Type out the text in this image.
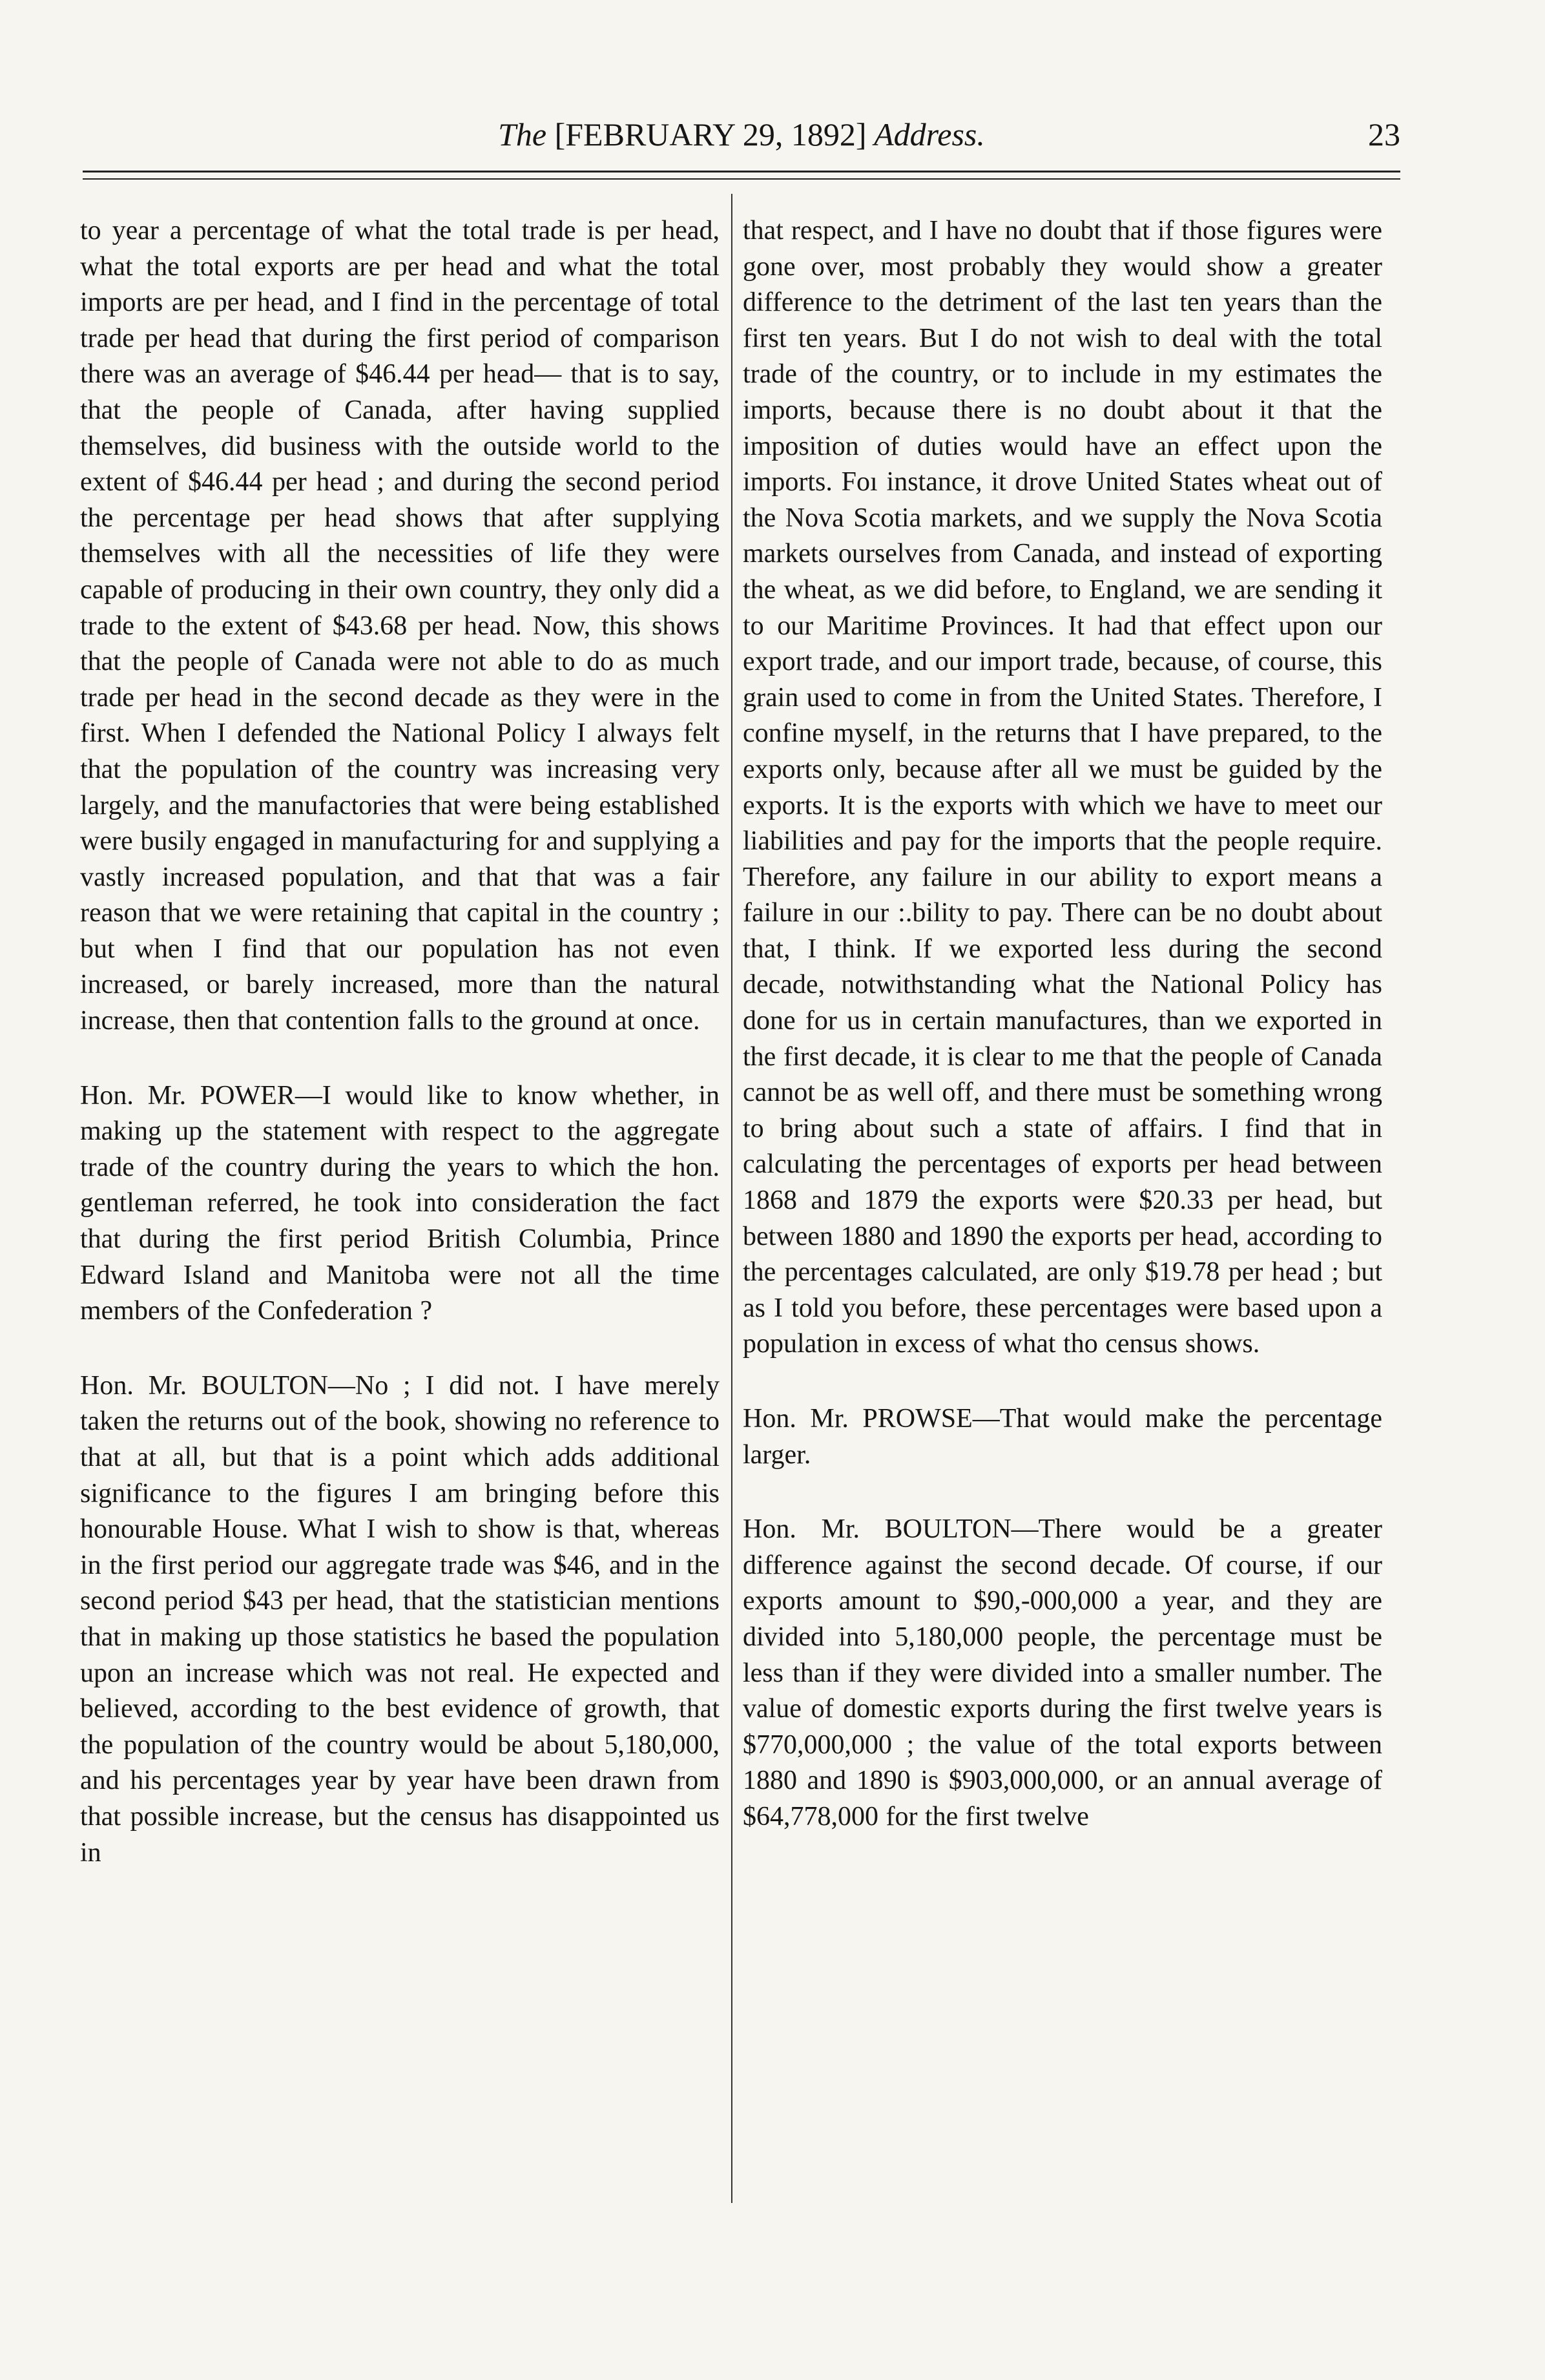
The [FEBRUARY 29, 1892] Address.	23

to year a percentage of what the total trade is per head, what the total exports are per head and what the total imports are per head, and I find in the percentage of total trade per head that during the first period of comparison there was an average of $46.44 per head— that is to say, that the people of Canada, after having supplied themselves, did business with the outside world to the extent of $46.44 per head ; and during the second period the percentage per head shows that after supplying themselves with all the necessities of life they were capable of producing in their own country, they only did a trade to the extent of $43.68 per head. Now, this shows that the people of Canada were not able to do as much trade per head in the second decade as they were in the first. When I defended the National Policy I always felt that the population of the country was increasing very largely, and the manufactories that were being established were busily engaged in manufacturing for and supplying a vastly increased population, and that that was a fair reason that we were retaining that capital in the country ; but when I find that our population has not even increased, or barely increased, more than the natural increase, then that contention falls to the ground at once.

Hon. Mr. POWER—I would like to know whether, in making up the statement with respect to the aggregate trade of the country during the years to which the hon. gentleman referred, he took into consideration the fact that during the first period British Columbia, Prince Edward Island and Manitoba were not all the time members of the Confederation ?

Hon. Mr. BOULTON—No ; I did not. I have merely taken the returns out of the book, showing no reference to that at all, but that is a point which adds additional significance to the figures I am bringing before this honourable House. What I wish to show is that, whereas in the first period our aggregate trade was $46, and in the second period $43 per head, that the statistician mentions that in making up those statistics he based the population upon an increase which was not real. He expected and believed, according to the best evidence of growth, that the population of the country would be about 5,180,000, and his percentages year by year have been drawn from that possible increase, but the census has disappointed us in

that respect, and I have no doubt that if those figures were gone over, most probably they would show a greater difference to the detriment of the last ten years than the first ten years. But I do not wish to deal with the total trade of the country, or to include in my estimates the imports, because there is no doubt about it that the imposition of duties would have an effect upon the imports. Foı instance, it drove United States wheat out of the Nova Scotia markets, and we supply the Nova Scotia markets ourselves from Canada, and instead of exporting the wheat, as we did before, to England, we are sending it to our Maritime Provinces. It had that effect upon our export trade, and our import trade, because, of course, this grain used to come in from the United States. Therefore, I confine myself, in the returns that I have prepared, to the exports only, because after all we must be guided by the exports. It is the exports with which we have to meet our liabilities and pay for the imports that the people require. Therefore, any failure in our ability to export means a failure in our :.bility to pay. There can be no doubt about that, I think. If we exported less during the second decade, notwithstanding what the National Policy has done for us in certain manufactures, than we exported in the first decade, it is clear to me that the people of Canada cannot be as well off, and there must be something wrong to bring about such a state of affairs. I find that in calculating the percentages of exports per head between 1868 and 1879 the exports were $20.33 per head, but between 1880 and 1890 the exports per head, according to the percentages calculated, are only $19.78 per head ; but as I told you before, these percentages were based upon a population in excess of what tho census shows.

Hon. Mr. PROWSE—That would make the percentage larger.

Hon. Mr. BOULTON—There would be a greater difference against the second decade. Of course, if our exports amount to $90,-000,000 a year, and they are divided into 5,180,000 people, the percentage must be less than if they were divided into a smaller number. The value of domestic exports during the first twelve years is $770,000,000 ; the value of the total exports between 1880 and 1890 is $903,000,000, or an annual average of $64,778,000 for the first twelve
